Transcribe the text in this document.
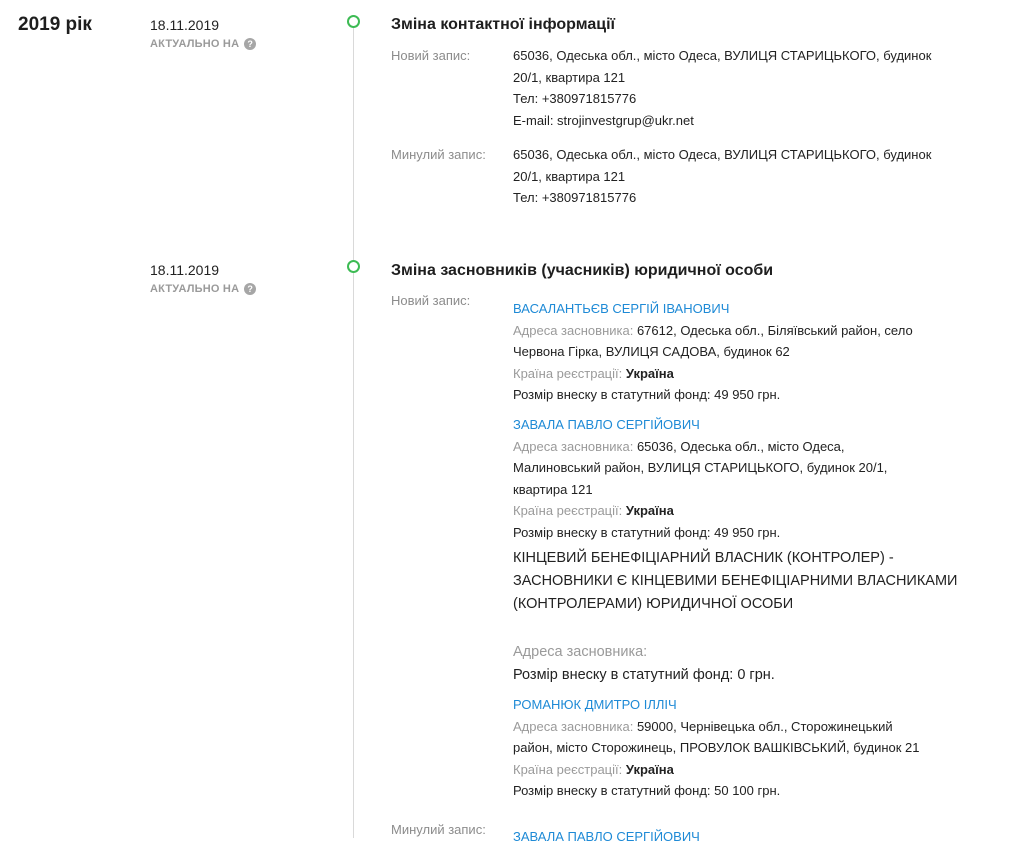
2019 рік	18.11.2019
АКТУАЛЬНО НА ?
Зміна контактної інформації
Новий запис:	65036, Одеська обл., місто Одеса, ВУЛИЦЯ СТАРИЦЬКОГО, будинок
20/1, квартира 121
Тел: +380971815776
E-mail: strojinvestgrup@ukr.net
Минулий запис: 65036, Одеська обл., місто Одеса, ВУЛИЦЯ СТАРИЦЬКОГО, будинок
20/1, квартира 121
Тел: +380971815776
18.11.2019
АКТУАЛЬНО НА ?
Зміна засновників (учасників) юридичної особи
Новий запис:
ВАСАЛАНТЬЄВ СЕРГІЙ ІВАНОВИЧ
Адреса засновника: 67612, Одеська обл., Біляївський район, село
Червона Гірка, ВУЛИЦЯ САДОВА, будинок 62
Країна реєстрації: Україна
Розмір внеску в статутний фонд: 49 950 грн.
ЗАВАЛА ПАВЛО СЕРГІЙОВИЧ
Адреса засновника: 65036, Одеська обл., місто Одеса,
Малиновський район, ВУЛИЦЯ СТАРИЦЬКОГО, будинок 20/1,
квартира 121
Країна реєстрації: Україна
Розмір внеску в статутний фонд: 49 950 грн.
КІНЦЕВИЙ БЕНЕФІЦІАРНИЙ ВЛАСНИК (КОНТРОЛЕР) -
ЗАСНОВНИКИ Є КІНЦЕВИМИ БЕНЕФІЦІАРНИМИ ВЛАСНИКАМИ
(КОНТРОЛЕРАМИ) ЮРИДИЧНОЇ ОСОБИ
Адреса засновника:
Розмір внеску в статутний фонд: 0 грн.
РОМАНЮК ДМИТРО ІЛЛІЧ
Адреса засновника: 59000, Чернівецька обл., Сторожинецький
район, місто Сторожинець, ПРОВУЛОК ВАШКІВСЬКИЙ, будинок 21
Країна реєстрації: Україна
Розмір внеску в статутний фонд: 50 100 грн.
Минулий запис: ЗАВАЛА ПАВЛО СЕРГІЙОВИЧ
